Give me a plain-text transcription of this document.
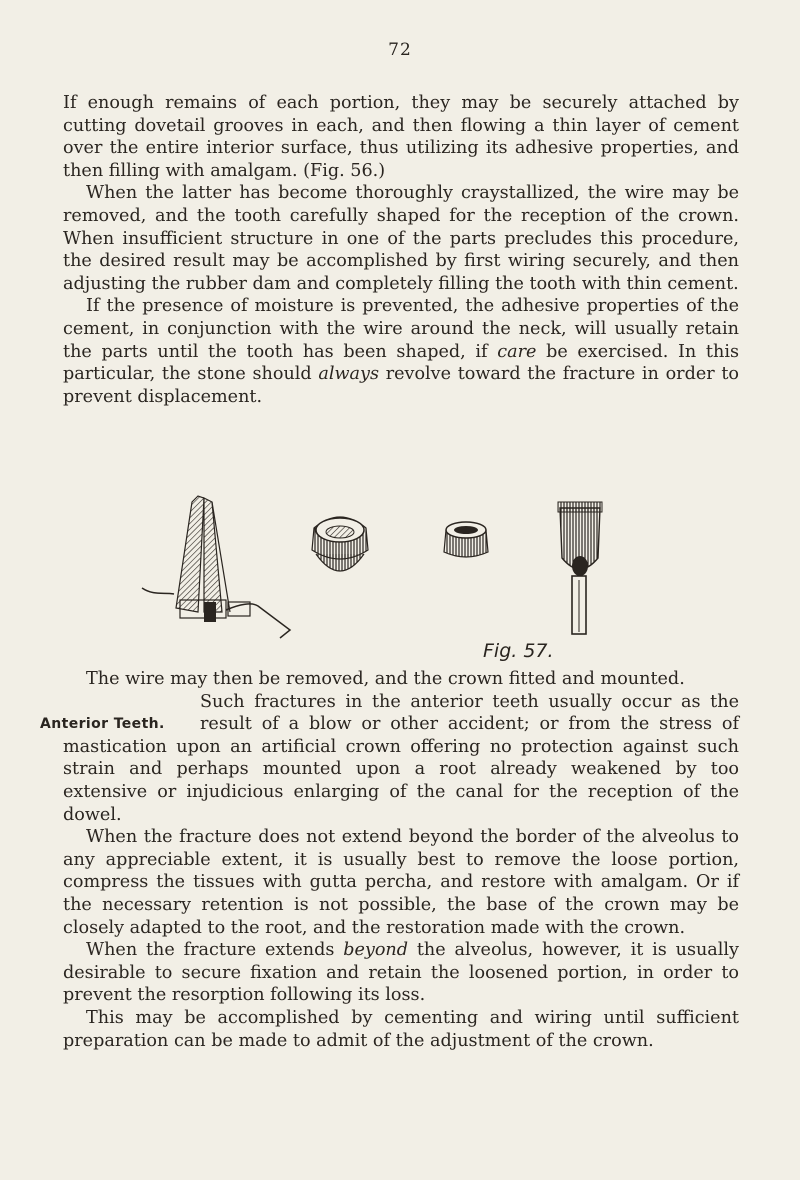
72

If enough remains of each portion, they may be securely attached by cutting dovetail grooves in each, and then flowing a thin layer of cement over the entire interior surface, thus utilizing its adhesive properties, and then filling with amalgam. (Fig. 56.)

When the latter has become thoroughly craystallized, the wire may be removed, and the tooth carefully shaped for the reception of the crown. When insufficient structure in one of the parts precludes this procedure, the desired result may be accomplished by first wiring securely, and then adjusting the rubber dam and completely filling the tooth with thin cement.

If the presence of moisture is prevented, the adhesive properties of the cement, in conjunction with the wire around the neck, will usually retain the parts until the tooth has been shaped, if care be exercised. In this particular, the stone should always revolve toward the fracture in order to prevent displacement.

Fig. 57.

The wire may then be removed, and the crown fitted and mounted.

Anterior Teeth.

Such fractures in the anterior teeth usually occur as the result of a blow or other accident; or from the stress of mastication upon an artificial crown offering no protection against such strain and perhaps mounted upon a root already weakened by too extensive or injudicious enlarging of the canal for the reception of the dowel.

When the fracture does not extend beyond the border of the alveolus to any appreciable extent, it is usually best to remove the loose portion, compress the tissues with gutta percha, and restore with amalgam. Or if the necessary retention is not possible, the base of the crown may be closely adapted to the root, and the restoration made with the crown.

When the fracture extends beyond the alveolus, however, it is usually desirable to secure fixation and retain the loosened portion, in order to prevent the resorption following its loss.

This may be accomplished by cementing and wiring until sufficient preparation can be made to admit of the adjustment of the crown.
